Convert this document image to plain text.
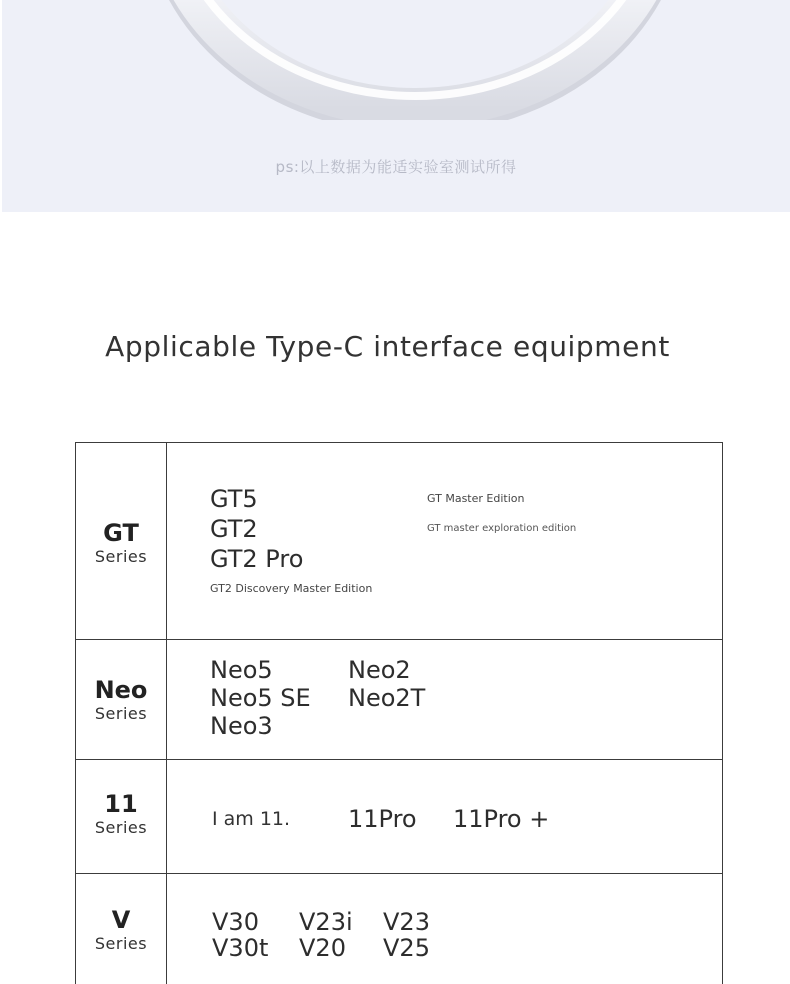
ps:以上数据为能适实验室测试所得
Applicable Type-C interface equipment
GT
Series
GT5
GT2
GT2 Pro
GT2 Discovery Master Edition
GT Master Edition
GT master exploration edition
Neo
Series
Neo5
Neo5 SE
Neo3
Neo2
Neo2T
11
Series	I am 11. 11Pro 11Pro +
V
Series
V30 V23i V23
V30t V20 V25
